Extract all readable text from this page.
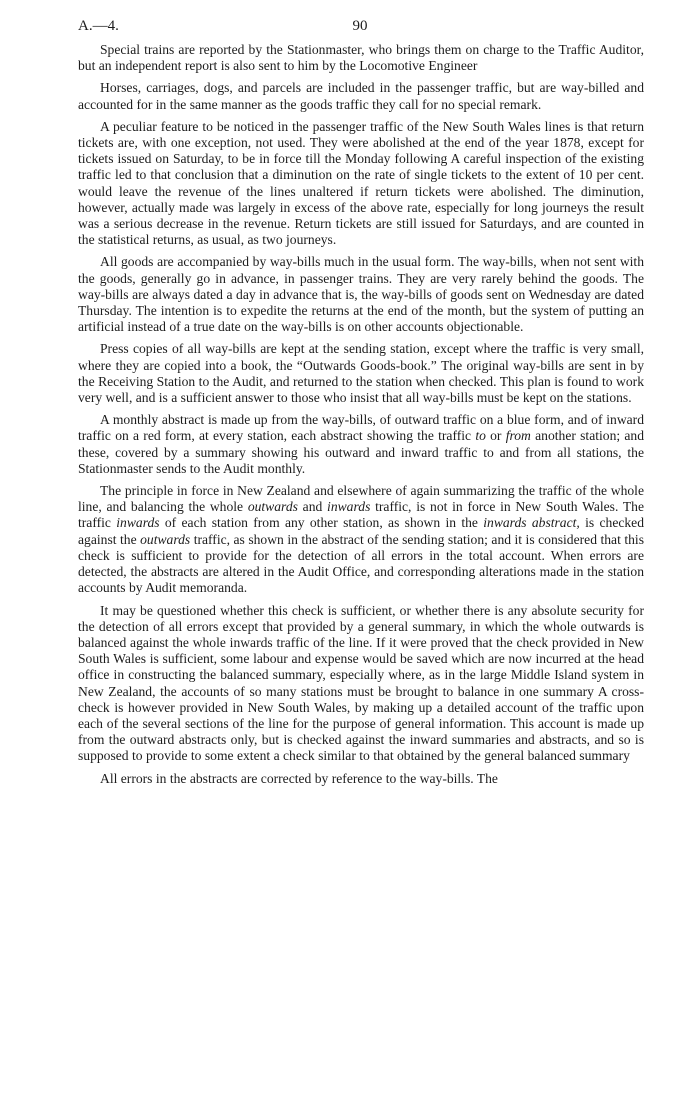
A.—4.	90

Special trains are reported by the Stationmaster, who brings them on charge to the Traffic Auditor, but an independent report is also sent to him by the Locomotive Engineer

Horses, carriages, dogs, and parcels are included in the passenger traffic, but are way-billed and accounted for in the same manner as the goods traffic they call for no special remark.

A peculiar feature to be noticed in the passenger traffic of the New South Wales lines is that return tickets are, with one exception, not used. They were abolished at the end of the year 1878, except for tickets issued on Saturday, to be in force till the Monday following A careful inspection of the existing traffic led to that conclusion that a diminution on the rate of single tickets to the extent of 10 per cent. would leave the revenue of the lines unaltered if return tickets were abolished. The diminution, however, actually made was largely in excess of the above rate, especially for long journeys the result was a serious decrease in the revenue. Return tickets are still issued for Saturdays, and are counted in the statistical returns, as usual, as two journeys.

All goods are accompanied by way-bills much in the usual form. The way-bills, when not sent with the goods, generally go in advance, in passenger trains. They are very rarely behind the goods. The way-bills are always dated a day in advance that is, the way-bills of goods sent on Wednesday are dated Thursday. The intention is to expedite the returns at the end of the month, but the system of putting an artificial instead of a true date on the way-bills is on other accounts objectionable.

Press copies of all way-bills are kept at the sending station, except where the traffic is very small, where they are copied into a book, the “Outwards Goods-book.” The original way-bills are sent in by the Receiving Station to the Audit, and returned to the station when checked. This plan is found to work very well, and is a sufficient answer to those who insist that all way-bills must be kept on the stations.

A monthly abstract is made up from the way-bills, of outward traffic on a blue form, and of inward traffic on a red form, at every station, each abstract showing the traffic to or from another station; and these, covered by a summary showing his outward and inward traffic to and from all stations, the Stationmaster sends to the Audit monthly.

The principle in force in New Zealand and elsewhere of again summarizing the traffic of the whole line, and balancing the whole outwards and inwards traffic, is not in force in New South Wales. The traffic inwards of each station from any other station, as shown in the inwards abstract, is checked against the outwards traffic, as shown in the abstract of the sending station; and it is considered that this check is sufficient to provide for the detection of all errors in the total account. When errors are detected, the abstracts are altered in the Audit Office, and corresponding alterations made in the station accounts by Audit memoranda.

It may be questioned whether this check is sufficient, or whether there is any absolute security for the detection of all errors except that provided by a general summary, in which the whole outwards is balanced against the whole inwards traffic of the line. If it were proved that the check provided in New South Wales is sufficient, some labour and expense would be saved which are now incurred at the head office in constructing the balanced summary, especially where, as in the large Middle Island system in New Zealand, the accounts of so many stations must be brought to balance in one summary A cross-check is however provided in New South Wales, by making up a detailed account of the traffic upon each of the several sections of the line for the purpose of general information. This account is made up from the outward abstracts only, but is checked against the inward summaries and abstracts, and so is supposed to provide to some extent a check similar to that obtained by the general balanced summary

All errors in the abstracts are corrected by reference to the way-bills. The
